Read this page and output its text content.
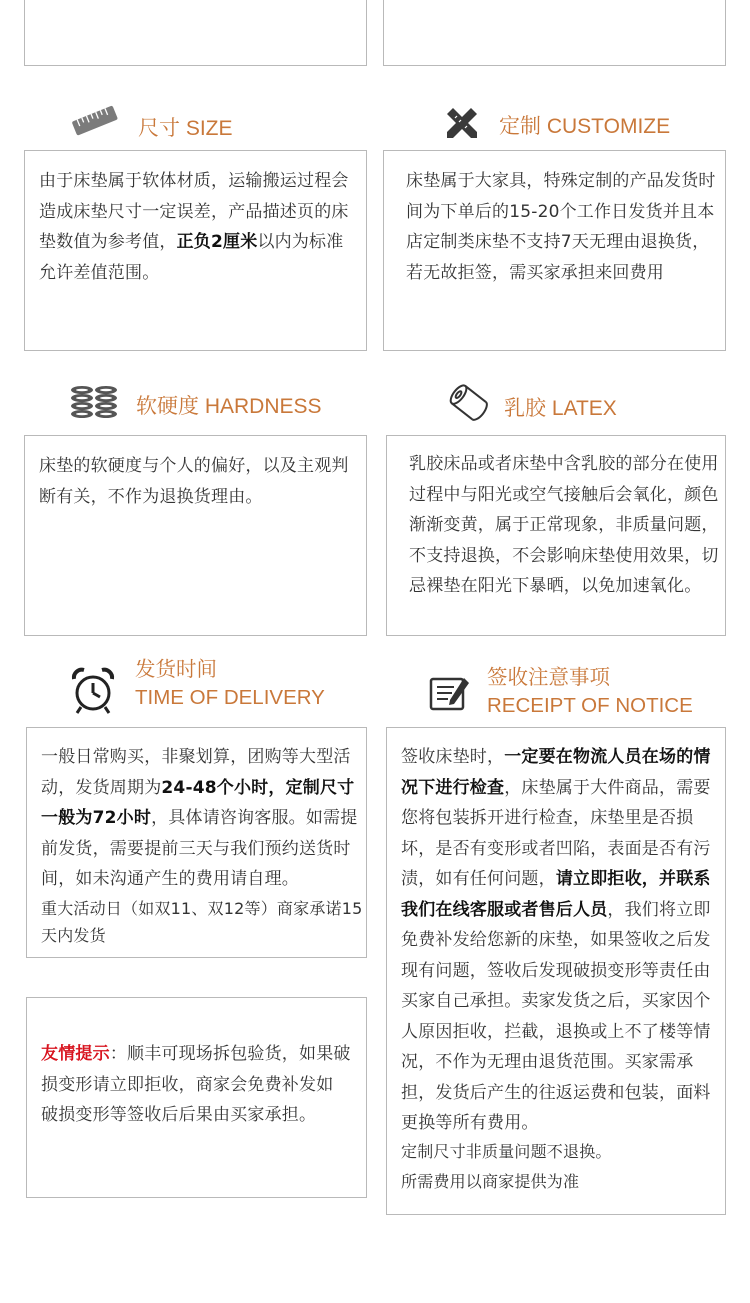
尺寸 SIZE
由于床垫属于软体材质，运输搬运过程会造成床垫尺寸一定误差，产品描述页的床垫数值为参考值，正负2厘米以内为标准允许差值范围。
定制 CUSTOMIZE
床垫属于大家具，特殊定制的产品发货时间为下单后的15-20个工作日发货并且本店定制类床垫不支持7天无理由退换货，若无故拒签，需买家承担来回费用
软硬度 HARDNESS
床垫的软硬度与个人的偏好，以及主观判断有关，不作为退换货理由。
乳胶 LATEX
乳胶床品或者床垫中含乳胶的部分在使用过程中与阳光或空气接触后会氧化，颜色渐渐变黄，属于正常现象，非质量问题，不支持退换，不会影响床垫使用效果，切忌裸垫在阳光下暴晒，以免加速氧化。
发货时间
TIME OF DELIVERY
一般日常购买，非聚划算，团购等大型活动，发货周期为24-48个小时，定制尺寸一般为72小时，具体请咨询客服。如需提前发货，需要提前三天与我们预约送货时间，如未沟通产生的费用请自理。
重大活动日（如双11、双12等）商家承诺15天内发货
友情提示：顺丰可现场拆包验货，如果破损变形请立即拒收，商家会免费补发如　破损变形等签收后后果由买家承担。
签收注意事项
RECEIPT OF NOTICE
签收床垫时，一定要在物流人员在场的情况下进行检查，床垫属于大件商品，需要您将包装拆开进行检查，床垫里是否损坏，是否有变形或者凹陷，表面是否有污渍，如有任何问题，请立即拒收，并联系我们在线客服或者售后人员，我们将立即免费补发给您新的床垫，如果签收之后发现有问题，签收后发现破损变形等责任由买家自己承担。卖家发货之后，买家因个人原因拒收，拦截，退换或上不了楼等情况，不作为无理由退货范围。买家需承担，发货后产生的往返运费和包装，面料更换等所有费用。
定制尺寸非质量问题不退换。
所需费用以商家提供为准
